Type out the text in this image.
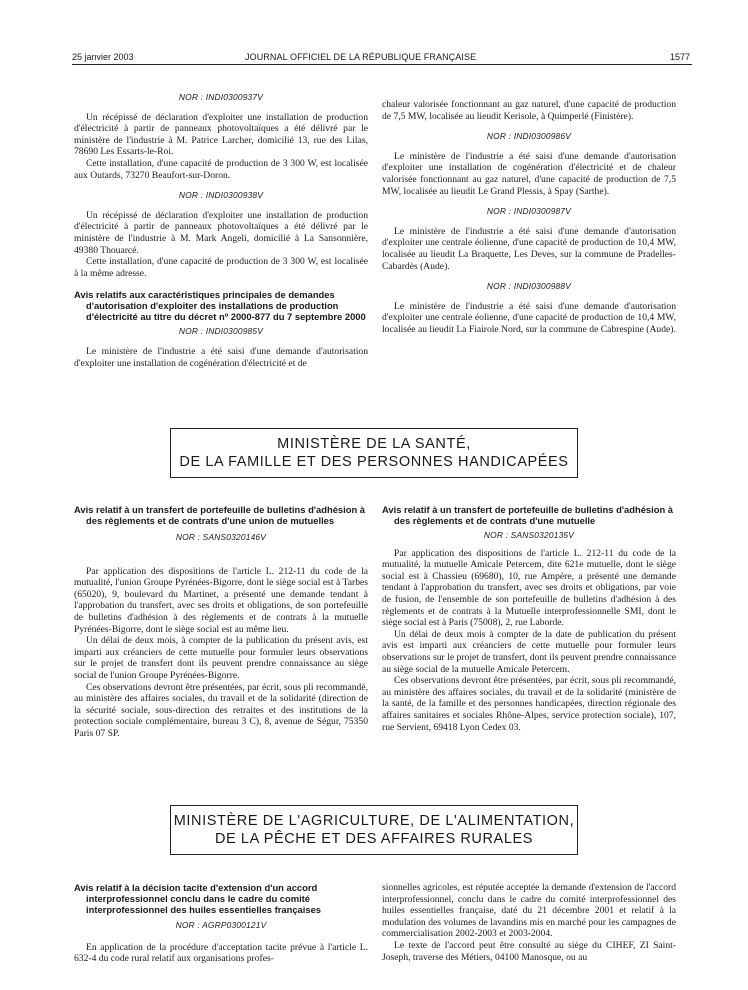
25 janvier 2003	JOURNAL OFFICIEL DE LA RÉPUBLIQUE FRANÇAISE	1577
NOR : INDI0300937V

Un récépissé de déclaration d'exploiter une installation de production d'électricité à partir de panneaux photovoltaïques a été délivré par le ministère de l'industrie à M. Patrice Larcher, domicilié 13, rue des Lilas, 78690 Les Essarts-le-Roi.

Cette installation, d'une capacité de production de 3 300 W, est localisée aux Outards, 73270 Beaufort-sur-Doron.

NOR : INDI0300938V

Un récépissé de déclaration d'exploiter une installation de production d'électricité à partir de panneaux photovoltaïques a été délivré par le ministère de l'industrie à M. Mark Angeli, domicilié à La Sansonnière, 49380 Thouarcé.

Cette installation, d'une capacité de production de 3 300 W, est localisée à la même adresse.

Avis relatifs aux caractéristiques principales de demandes d'autorisation d'exploiter des installations de production d'électricité au titre du décret nº 2000-877 du 7 septembre 2000
NOR : INDI0300985V

Le ministère de l'industrie a été saisi d'une demande d'autorisation d'exploiter une installation de cogénération d'électricité et de

chaleur valorisée fonctionnant au gaz naturel, d'une capacité de production de 7,5 MW, localisée au lieudit Kerisole, à Quimperlé (Finistère).

NOR : INDI0300986V

Le ministère de l'industrie a été saisi d'une demande d'autorisation d'exploiter une installation de cogénération d'électricité et de chaleur valorisée fonctionnant au gaz naturel, d'une capacité de production de 7,5 MW, localisée au lieudit Le Grand Plessis, à Spay (Sarthe).

NOR : INDI0300987V

Le ministère de l'industrie a été saisi d'une demande d'autorisation d'exploiter une centrale éolienne, d'une capacité de production de 10,4 MW, localisée au lieudit La Braquette, Les Deves, sur la commune de Pradelles-Cabardès (Aude).

NOR : INDI0300988V

Le ministère de l'industrie a été saisi d'une demande d'autorisation d'exploiter une centrale éolienne, d'une capacité de production de 10,4 MW, localisée au lieudit La Fiairole Nord, sur la commune de Cabrespine (Aude).

MINISTÈRE DE LA SANTÉ,
DE LA FAMILLE ET DES PERSONNES HANDICAPÉES
Avis relatif à un transfert de portefeuille de bulletins d'adhésion à des règlements et de contrats d'une union de mutuelles
NOR : SANS0320146V

Par application des dispositions de l'article L. 212-11 du code de la mutualité, l'union Groupe Pyrénées-Bigorre, dont le siège social est à Tarbes (65020), 9, boulevard du Martinet, a présenté une demande tendant à l'approbation du transfert, avec ses droits et obligations, de son portefeuille de bulletins d'adhésion à des règlements et de contrats à la mutuelle Pyrénées-Bigorre, dont le siège social est au même lieu.

Un délai de deux mois, à compter de la publication du présent avis, est imparti aux créanciers de cette mutuelle pour formuler leurs observations sur le projet de transfert dont ils peuvent prendre connaissance au siège social de l'union Groupe Pyrénées-Bigorre.

Ces observations devront être présentées, par écrit, sous pli recommandé, au ministère des affaires sociales, du travail et de la solidarité (direction de la sécurité sociale, sous-direction des retraites et des institutions de la protection sociale complémentaire, bureau 3 C), 8, avenue de Ségur, 75350 Paris 07 SP.

Avis relatif à un transfert de portefeuille de bulletins d'adhésion à des règlements et de contrats d'une mutuelle
NOR : SANS0320135V

Par application des dispositions de l'article L. 212-11 du code de la mutualité, la mutuelle Amicale Petercem, dite 621e mutuelle, dont le siège social est à Chassieu (69680), 10, rue Ampère, a présenté une demande tendant à l'approbation du transfert, avec ses droits et obligations, par voie de fusion, de l'ensemble de son portefeuille de bulletins d'adhésion à des règlements et de contrats à la Mutuelle interprofessionnelle SMI, dont le siège social est à Paris (75008), 2, rue Laborde.

Un délai de deux mois à compter de la date de publication du présent avis est imparti aux créanciers de cette mutuelle pour formuler leurs observations sur le projet de transfert, dont ils peuvent prendre connaissance au siège social de la mutuelle Amicale Petercem.

Ces observations devront être présentées, par écrit, sous pli recommandé, au ministère des affaires sociales, du travail et de la solidarité (ministère de la santé, de la famille et des personnes handicapées, direction régionale des affaires sanitaires et sociales Rhône-Alpes, service protection sociale), 107, rue Servient, 69418 Lyon Cedex 03.

MINISTÈRE DE L'AGRICULTURE, DE L'ALIMENTATION,
DE LA PÊCHE ET DES AFFAIRES RURALES
Avis relatif à la décision tacite d'extension d'un accord interprofessionnel conclu dans le cadre du comité interprofessionnel des huiles essentielles françaises
NOR : AGRP0300121V

En application de la procédure d'acceptation tacite prévue à l'article L. 632-4 du code rural relatif aux organisations profes-

sionnelles agricoles, est réputée acceptée la demande d'extension de l'accord interprofessionnel, conclu dans le cadre du comité interprofessionnel des huiles essentielles française, daté du 21 décembre 2001 et relatif à la modulation des volumes de lavandins mis en marché pour les campagnes de commercialisation 2002-2003 et 2003-2004.

Le texte de l'accord peut être consulté au siège du CIHEF, ZI Saint-Joseph, traverse des Métiers, 04100 Manosque, ou au
